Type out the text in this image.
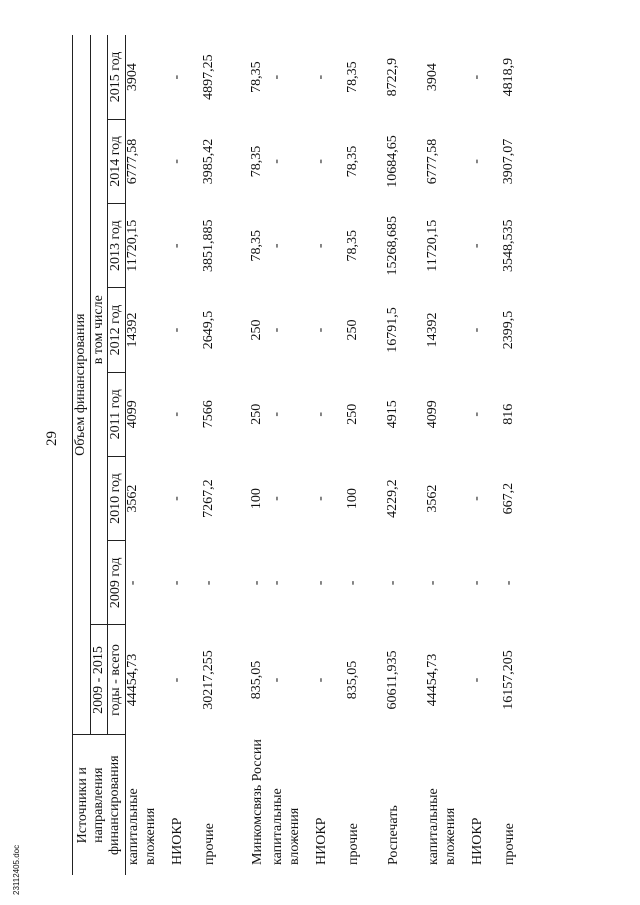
29
23112405.doc
Источники и
направления
финансирования	Объем финансирования							
	2009 - 2015	в том числе						
	годы - всего	2009 год	2010 год	2011 год	2012 год	2013 год	2014 год	2015 год
капитальные вложения	44454,73	-	3562	4099	14392	11720,15	6777,58	3904
НИОКР	-	-	-	-	-	-	-	-
прочие	30217,255	-	7267,2	7566	2649,5	3851,885	3985,42	4897,25
Минкомсвязь России	835,05	-	100	250	250	78,35	78,35	78,35
капитальные вложения	-	-	-	-	-	-	-	-
НИОКР	-	-	-	-	-	-	-	-
прочие	835,05	-	100	250	250	78,35	78,35	78,35
Роспечать	60611,935	-	4229,2	4915	16791,5	15268,685	10684,65	8722,9
капитальные вложения	44454,73	-	3562	4099	14392	11720,15	6777,58	3904
НИОКР	-	-	-	-	-	-	-	-
прочие	16157,205	-	667,2	816	2399,5	3548,535	3907,07	4818,9
